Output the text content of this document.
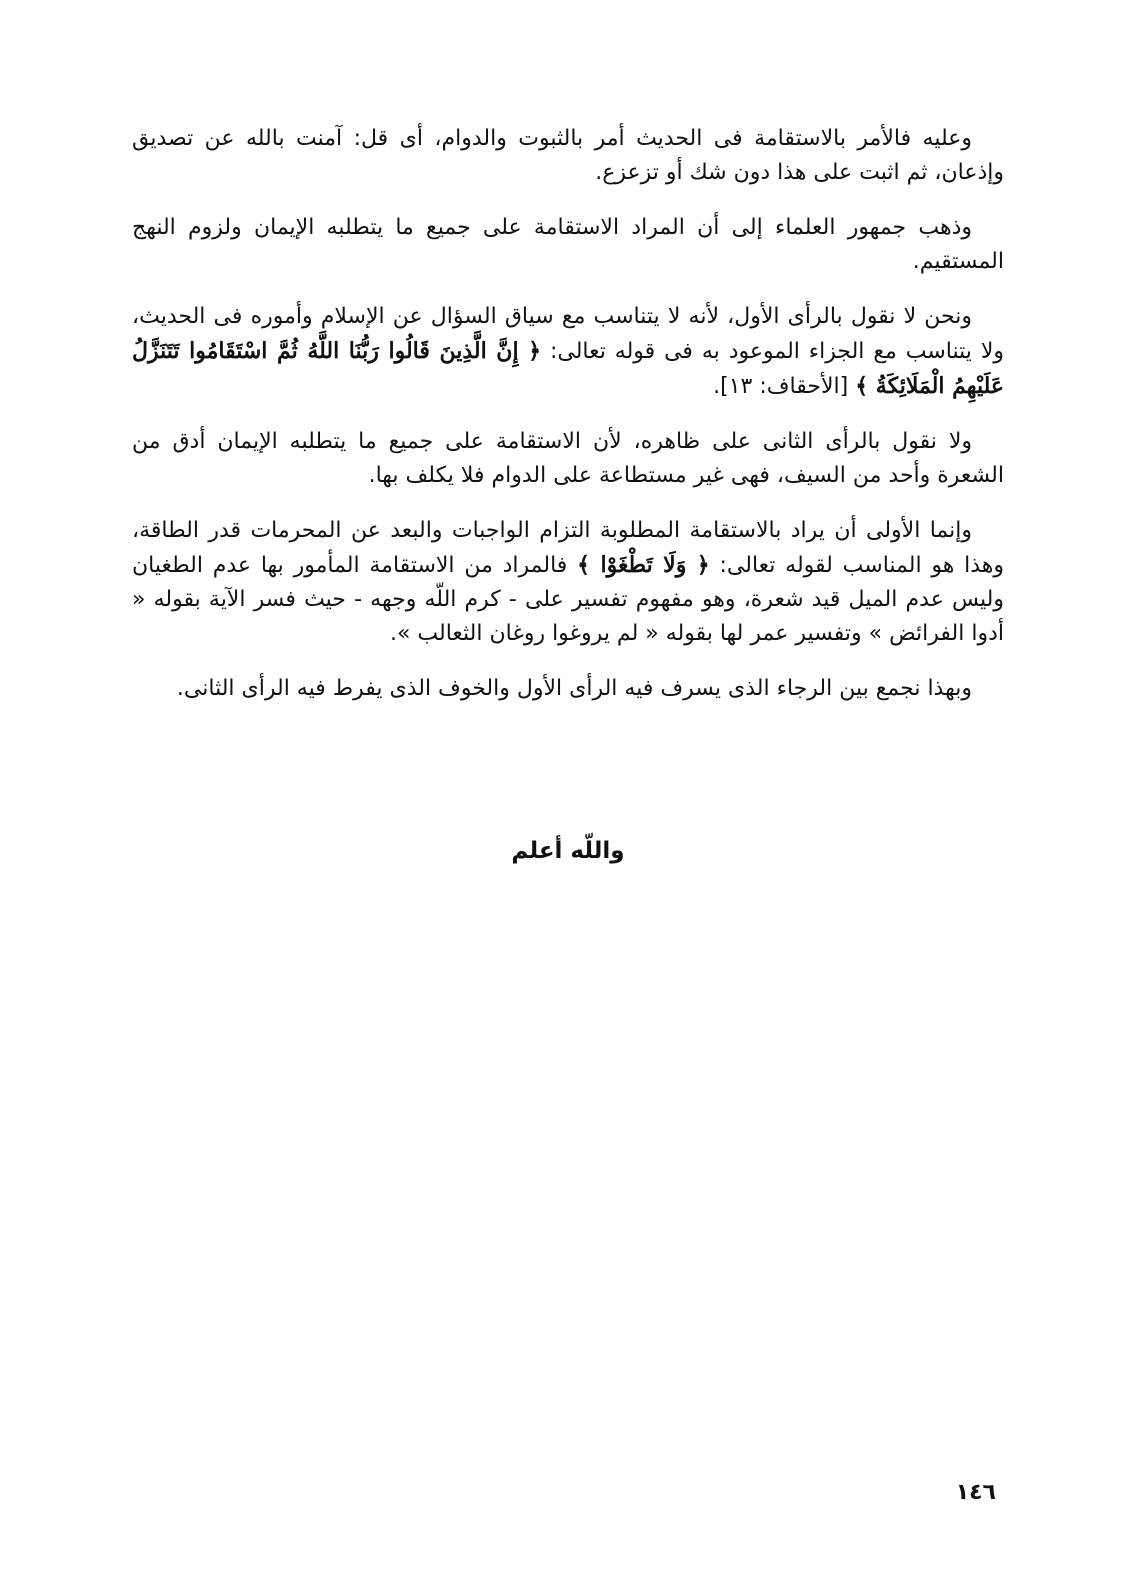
وعليه فالأمر بالاستقامة فى الحديث أمر بالثبوت والدوام، أى قل: آمنت بالله عن تصديق وإذعان، ثم اثبت على هذا دون شك أو تزعزع.

وذهب جمهور العلماء إلى أن المراد الاستقامة على جميع ما يتطلبه الإيمان ولزوم النهج المستقيم.

ونحن لا نقول بالرأى الأول، لأنه لا يتناسب مع سياق السؤال عن الإسلام وأموره فى الحديث، ولا يتناسب مع الجزاء الموعود به فى قوله تعالى: ﴿ إِنَّ الَّذِينَ قَالُوا رَبُّنَا اللَّهُ ثُمَّ اسْتَقَامُوا تَتَنَزَّلُ عَلَيْهِمُ الْمَلَائِكَةُ ﴾ [الأحقاف: ١٣].

ولا نقول بالرأى الثانى على ظاهره، لأن الاستقامة على جميع ما يتطلبه الإيمان أدق من الشعرة وأحد من السيف، فهى غير مستطاعة على الدوام فلا يكلف بها.

وإنما الأولى أن يراد بالاستقامة المطلوبة التزام الواجبات والبعد عن المحرمات قدر الطاقة، وهذا هو المناسب لقوله تعالى: ﴿ وَلَا تَطْغَوْا ﴾ فالمراد من الاستقامة المأمور بها عدم الطغيان وليس عدم الميل قيد شعرة، وهو مفهوم تفسير على - كرم اللّه وجهه - حيث فسر الآية بقوله « أدوا الفرائض » وتفسير عمر لها بقوله « لم يروغوا روغان الثعالب ».

وبهذا نجمع بين الرجاء الذى يسرف فيه الرأى الأول والخوف الذى يفرط فيه الرأى الثانى.

واللّه أعلم
١٤٦
